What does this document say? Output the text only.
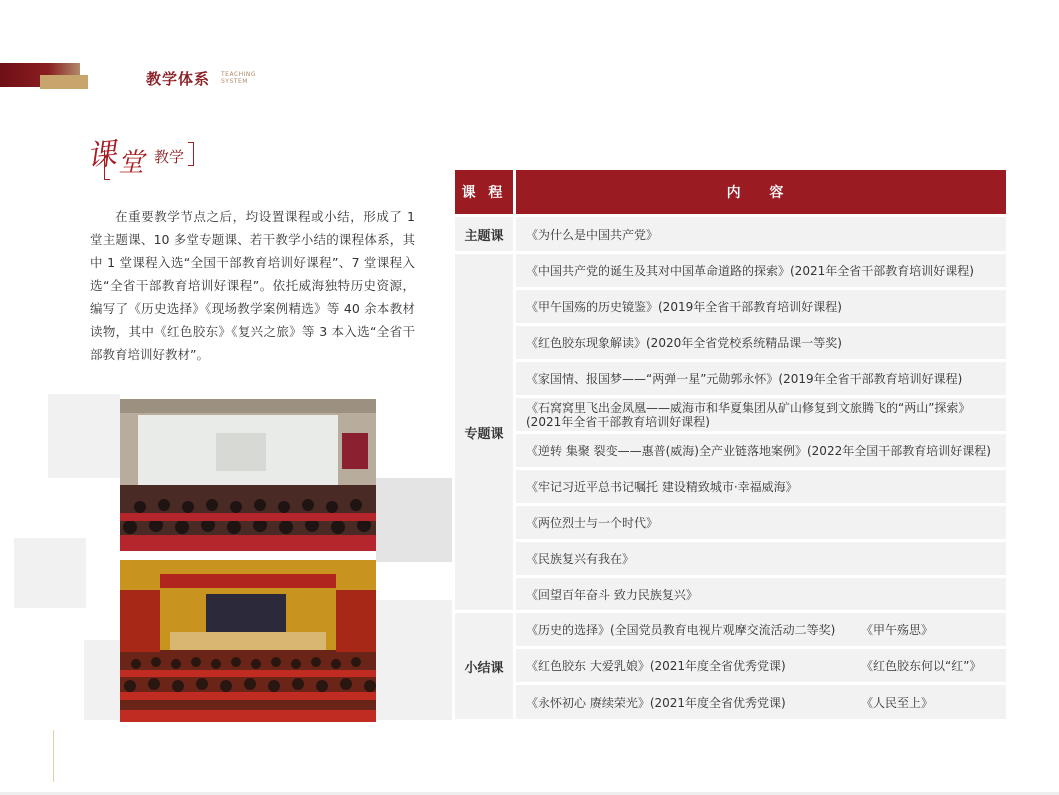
教学体系 TEACHING SYSTEM
课 堂 教学

在重要教学节点之后，均设置课程或小结，形成了 1 堂主题课、10 多堂专题课、若干教学小结的课程体系，其中 1 堂课程入选“全国干部教育培训好课程”、7 堂课程入选“全省干部教育培训好课程”。依托威海独特历史资源，编写了《历史选择》《现场教学案例精选》等 40 余本教材读物，其中《红色胶东》《复兴之旅》等 3 本入选“全省干部教育培训好教材”。

课 程	内 容
主题课	《为什么是中国共产党》
专题课
《中国共产党的诞生及其对中国革命道路的探索》(2021年全省干部教育培训好课程)
《甲午国殇的历史镜鉴》(2019年全省干部教育培训好课程)
《红色胶东现象解读》(2020年全省党校系统精品课一等奖)
《家国情、报国梦——“两弹一星”元勋郭永怀》(2019年全省干部教育培训好课程)
《石窝窝里飞出金凤凰——威海市和华夏集团从矿山修复到文旅腾飞的“两山”探索》(2021年全省干部教育培训好课程)
《逆转 集聚 裂变——惠普(威海)全产业链落地案例》(2022年全国干部教育培训好课程)
《牢记习近平总书记嘱托 建设精致城市·幸福威海》
《两位烈士与一个时代》
《民族复兴有我在》
《回望百年奋斗 致力民族复兴》
小结课
《历史的选择》(全国党员教育电视片观摩交流活动二等奖) 《甲午殇思》
《红色胶东 大爱乳娘》(2021年度全省优秀党课)	《红色胶东何以“红”》
《永怀初心 赓续荣光》(2021年度全省优秀党课)	《人民至上》
